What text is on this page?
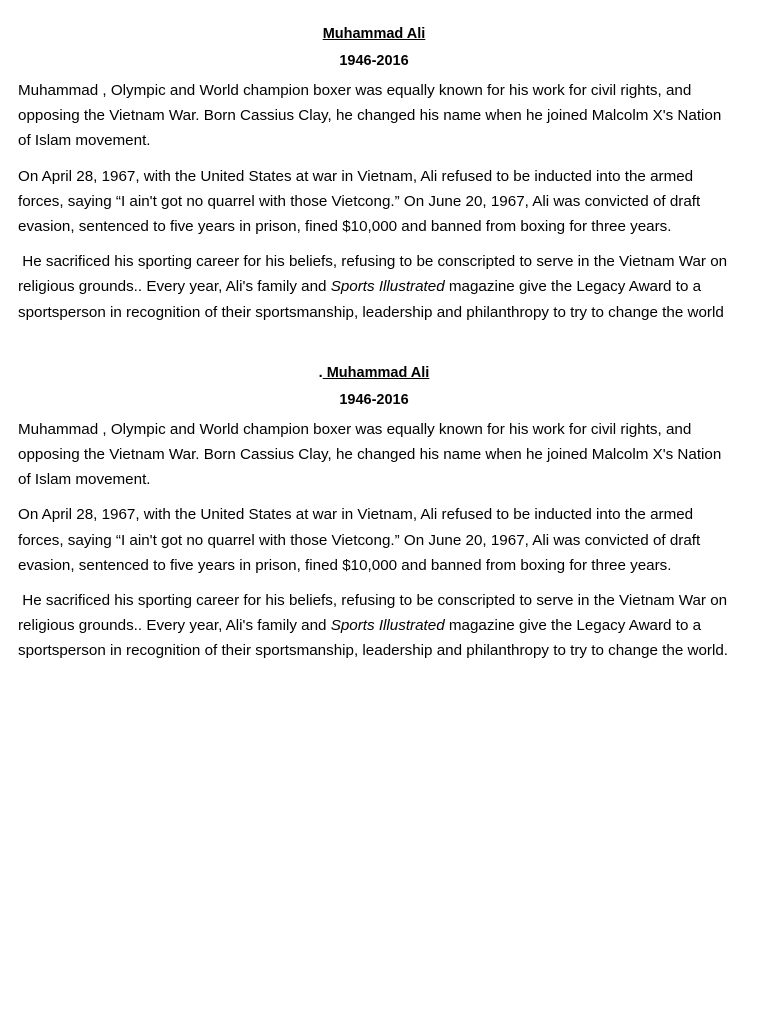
Muhammad Ali

1946-2016

Muhammad , Olympic and World champion boxer was equally known for his work for civil rights, and opposing the Vietnam War. Born Cassius Clay, he changed his name when he joined Malcolm X's Nation of Islam movement.

On April 28, 1967, with the United States at war in Vietnam, Ali refused to be inducted into the armed forces, saying “I ain't got no quarrel with those Vietcong.” On June 20, 1967, Ali was convicted of draft evasion, sentenced to five years in prison, fined $10,000 and banned from boxing for three years.

He sacrificed his sporting career for his beliefs, refusing to be conscripted to serve in the Vietnam War on religious grounds.. Every year, Ali's family and Sports Illustrated magazine give the Legacy Award to a sportsperson in recognition of their sportsmanship, leadership and philanthropy to try to change the world

. Muhammad Ali

1946-2016

Muhammad , Olympic and World champion boxer was equally known for his work for civil rights, and opposing the Vietnam War. Born Cassius Clay, he changed his name when he joined Malcolm X's Nation of Islam movement.

On April 28, 1967, with the United States at war in Vietnam, Ali refused to be inducted into the armed forces, saying “I ain't got no quarrel with those Vietcong.” On June 20, 1967, Ali was convicted of draft evasion, sentenced to five years in prison, fined $10,000 and banned from boxing for three years.

He sacrificed his sporting career for his beliefs, refusing to be conscripted to serve in the Vietnam War on religious grounds.. Every year, Ali's family and Sports Illustrated magazine give the Legacy Award to a sportsperson in recognition of their sportsmanship, leadership and philanthropy to try to change the world.
